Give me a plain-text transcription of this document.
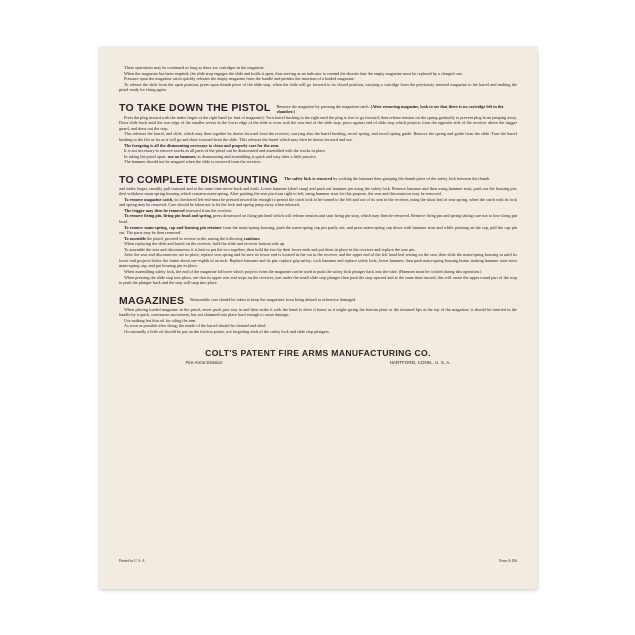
These operations may be continued as long as there are cartridges in the magazine.

When the magazine has been emptied, the slide stop engages the slide and holds it open, thus serving as an indicator to remind the shooter that the empty magazine must be replaced by a charged one.

Pressure upon the magazine catch quickly releases the empty magazine from the handle and permits the insertion of a loaded magazine.

To release the slide from the open position, press upon thumb piece of the slide stop, when the slide will go forward to its closed position, carrying a cartridge from the previously inserted magazine to the barrel and making the pistol ready for firing again.

TO TAKE DOWN THE PISTOL	Remove the magazine by pressing the magazine catch. (After removing magazine, look to see that there is no cartridge left in the chamber.)

Press the plug inward with the index finger of the right hand (or butt of magazine). Turn barrel bushing to the right until the plug is free to go forward; then release tension on the spring gradually to prevent plug from jumping away. Draw slide back until the rear edge of the smaller recess in the lower edge of the slide is even with the rear end of the slide stop; press against end of slide stop which projects from the opposite side of the receiver above the trigger guard, and draw out the stop.

This releases the barrel, and slide, which may then together be drawn forward from the receiver, carrying also the barrel bushing, recoil spring, and recoil spring guide. Remove the spring and guide from the slide. Turn the barrel bushing to the left as far as it will go and draw forward from the slide. This releases the barrel which may then be drawn forward and out.

The foregoing is all the dismounting necessary to clean and properly care for the arm.

It is not necessary to remove stocks as all parts of the pistol can be dismounted and assembled with the stocks in place.

In taking the pistol apart, use no hammer, as dismounting and assembling is quick and easy after a little practice.

The hammer should not be snapped when the slide is removed from the receiver.

TO COMPLETE DISMOUNTING	The safety lock is removed by cocking the hammer then grasping the thumb piece of the safety lock between the thumb

and index finger, steadily pull outward and at the same time move back and forth. Lower hammer (don't snap) and push out hammer pin using the safety lock. Remove hammer and then using hammer strut, push out the housing pin; then withdraw main-spring housing which contains main-spring. After pushing the sear pin from right to left, using hammer strut for this purpose, the sear and disconnector may be removed.

To remove magazine catch, its checkered left end must be pressed inward far enough to permit the catch lock to be turned to the left and out of its seat in the receiver, using the short leaf of sear spring, when the catch with its lock and spring may be removed. Care should be taken not to let the lock and spring jump away when released.

The trigger may then be removed rearward from the receiver.

To remove firing pin, firing pin head and spring, press downward on firing pin head which will release tension and start firing pin stop, which may then be removed. Remove firing pin and spring taking care not to lose firing pin head.

To remove main-spring, cap and housing pin retainer from the main-spring housing, push the main-spring cap pin partly out, and press main-spring cap down with hammer strut and while pressing on the cap, pull the cap pin out. The parts may be then removed.

To assemble the pistol, proceed in reverse order, noting the following cautions:

When replacing the slide and barrel on the receiver, hold the slide and receiver bottom side up.

To assemble the sear and disconnector, it is best to put the two together, then hold the two by their lower ends and put them in place in the receiver and replace the sear pin.

After the sear and disconnector are in place, replace sear spring and be sure its lower end is located in the cut in the receiver and the upper end of the left hand leaf resting on the sear, then slide the main-spring housing in until its lower end projects below the frame about one-eighth of an inch. Replace hammer and its pin; replace grip safety; cock hammer and replace safety lock; lower hammer, then push main-spring housing home, making hammer strut enter main-spring cap, and put housing pin in place.

When assembling safety lock, the end of the magazine follower which projects from the magazine can be used to push the safety lock plunger back into the tube. (Hammer must be cocked during this operation.)

When pressing the slide stop into place, see that its upper rear end stops on the receiver; just under the small slide stop plunger then push the stop upward and at the same time inward; this will cause the upper round part of the stop to push the plunger back and the stop will snap into place.

MAGAZINES	Reasonable care should be taken to keep the magazines from being dented or otherwise damaged.

When placing loaded magazine in the pistol, never push part way in and then strike it with the hand to drive it home as it might spring the bottom plate or the inturned lips at the top of the magazine; it should be inserted in the handle by a quick, continuous movement, but not slammed into place hard enough to cause damage.

Use nothing but thin oil for oiling the arm.

As soon as possible after firing, the inside of the barrel should be cleaned and oiled.

Occasionally a little oil should be put on the friction points, not forgetting ends of the safety lock and slide stop plungers.

COLT'S PATENT FIRE ARMS MANUFACTURING CO.
Fire Arms Division	HARTFORD, CONN., U. S. A.
Printed in U. S. A.	Form A-106
